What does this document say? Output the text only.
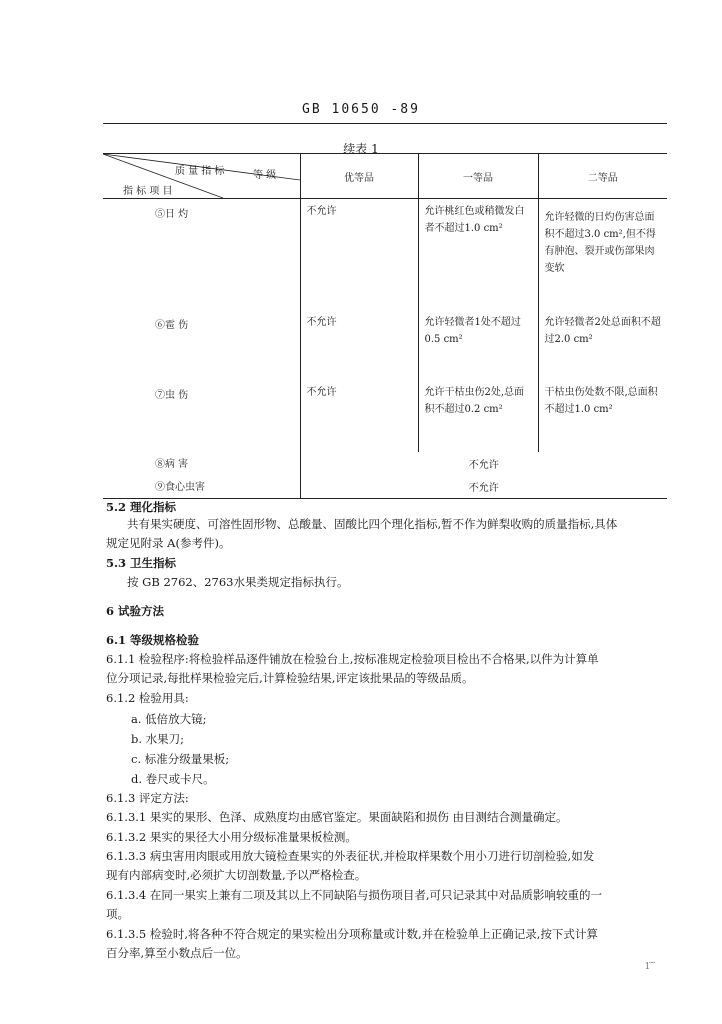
GB 10650 -89
续表 1
质 量 指 标 等 级
指 标 项 目	优等品	一等品	二等品
⑤日 灼	不允许	允许桃红色或稍微发白者不超过1.0 cm²	允许轻微的日灼伤害总面积不超过3.0 cm²,但不得有肿泡、裂开或伤部果肉变软
⑥雹 伤	不允许	允许轻微者1处不超过0.5 cm²	允许轻微者2处总面积不超过2.0 cm²
⑦虫 伤	不允许	允许干枯虫伤2处,总面积不超过0.2 cm²	干枯虫伤处数不限,总面积不超过1.0 cm²
⑧病 害	不允许		
⑨食心虫害	不允许		
5.2 理化指标
共有果实硬度、可溶性固形物、总酸量、固酸比四个理化指标,暂不作为鲜梨收购的质量指标,具体
规定见附录 A(参考件)。
5.3 卫生指标
按 GB 2762、2763水果类规定指标执行。
6 试验方法
6.1 等级规格检验
6.1.1 检验程序:将检验样品逐件铺放在检验台上,按标准规定检验项目检出不合格果,以件为计算单
位分项记录,每批样果检验完后,计算检验结果,评定该批果品的等级品质。
6.1.2 检验用具:
a. 低倍放大镜;
b. 水果刀;
c. 标准分级量果板;
d. 卷尺或卡尺。
6.1.3 评定方法:
6.1.3.1 果实的果形、色泽、成熟度均由感官鉴定。果面缺陷和损伤 由目测结合测量确定。
6.1.3.2 果实的果径大小用分级标准量果板检测。
6.1.3.3 病虫害用肉眼或用放大镜检查果实的外表征状,并检取样果数个用小刀进行切剖检验,如发
现有内部病变时,必须扩大切剖数量,予以严格检查。
6.1.3.4 在同一果实上兼有二项及其以上不同缺陷与损伤项目者,可只记录其中对品质影响较重的一
项。
6.1.3.5 检验时,将各种不符合规定的果实检出分项称量或计数,并在检验单上正确记录,按下式计算
百分率,算至小数点后一位。
1 ̈ ̈
